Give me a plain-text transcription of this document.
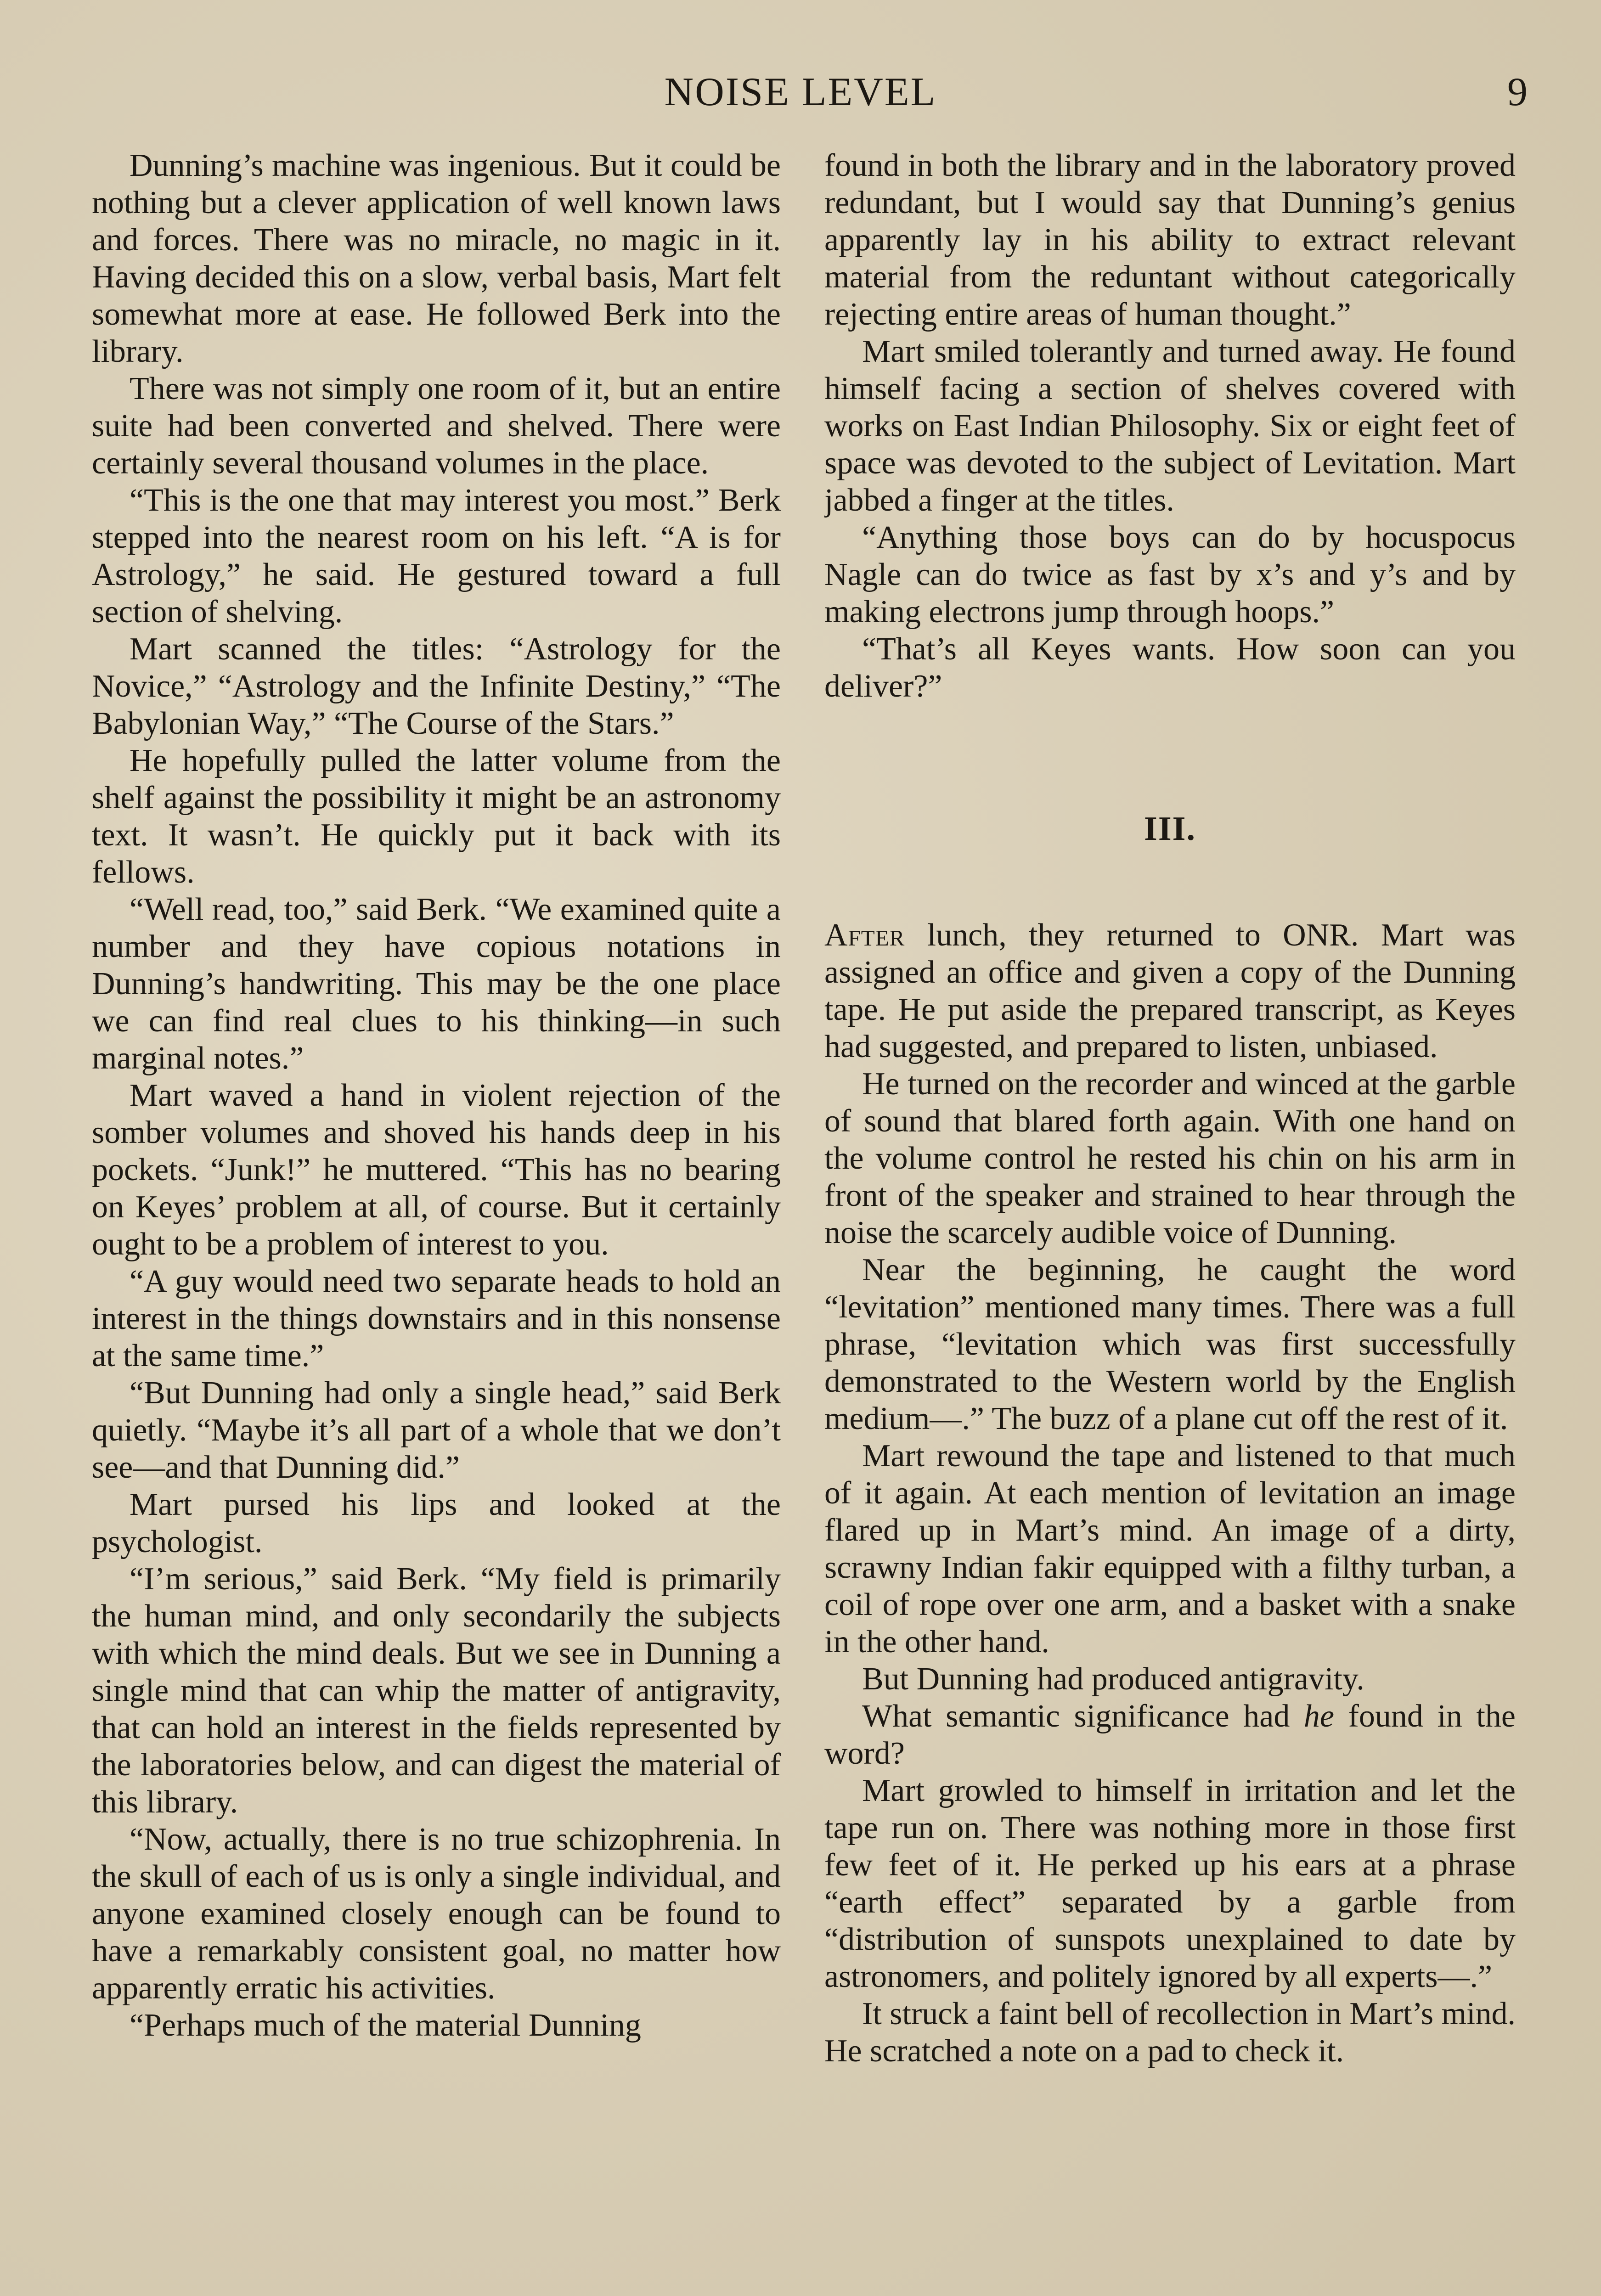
NOISE LEVEL	9

Dunning’s machine was ingenious. But it could be nothing but a clever application of well known laws and forces. There was no miracle, no magic in it. Having decided this on a slow, verbal basis, Mart felt somewhat more at ease. He followed Berk into the library.

There was not simply one room of it, but an entire suite had been converted and shelved. There were certainly several thousand volumes in the place.

“This is the one that may interest you most.” Berk stepped into the nearest room on his left. “A is for Astrology,” he said. He gestured toward a full section of shelving.

Mart scanned the titles: “Astrology for the Novice,” “Astrology and the Infinite Destiny,” “The Babylonian Way,” “The Course of the Stars.”

He hopefully pulled the latter volume from the shelf against the possibility it might be an astronomy text. It wasn’t. He quickly put it back with its fellows.

“Well read, too,” said Berk. “We examined quite a number and they have copious notations in Dunning’s handwriting. This may be the one place we can find real clues to his thinking—in such marginal notes.”

Mart waved a hand in violent rejection of the somber volumes and shoved his hands deep in his pockets. “Junk!” he muttered. “This has no bearing on Keyes’ problem at all, of course. But it certainly ought to be a problem of interest to you.

“A guy would need two separate heads to hold an interest in the things downstairs and in this nonsense at the same time.”

“But Dunning had only a single head,” said Berk quietly. “Maybe it’s all part of a whole that we don’t see—and that Dunning did.”

Mart pursed his lips and looked at the psychologist.

“I’m serious,” said Berk. “My field is primarily the human mind, and only secondarily the subjects with which the mind deals. But we see in Dunning a single mind that can whip the matter of antigravity, that can hold an interest in the fields represented by the laboratories below, and can digest the material of this library.

“Now, actually, there is no true schizophrenia. In the skull of each of us is only a single individual, and anyone examined closely enough can be found to have a remarkably consistent goal, no matter how apparently erratic his activities.

“Perhaps much of the material Dunning

found in both the library and in the laboratory proved redundant, but I would say that Dunning’s genius apparently lay in his ability to extract relevant material from the reduntant without categorically rejecting entire areas of human thought.”

Mart smiled tolerantly and turned away. He found himself facing a section of shelves covered with works on East Indian Philosophy. Six or eight feet of space was devoted to the subject of Levitation. Mart jabbed a finger at the titles.

“Anything those boys can do by hocuspocus Nagle can do twice as fast by x’s and y’s and by making electrons jump through hoops.”

“That’s all Keyes wants. How soon can you deliver?”

III.

After lunch, they returned to ONR. Mart was assigned an office and given a copy of the Dunning tape. He put aside the prepared transcript, as Keyes had suggested, and prepared to listen, unbiased.

He turned on the recorder and winced at the garble of sound that blared forth again. With one hand on the volume control he rested his chin on his arm in front of the speaker and strained to hear through the noise the scarcely audible voice of Dunning.

Near the beginning, he caught the word “levitation” mentioned many times. There was a full phrase, “levitation which was first successfully demonstrated to the Western world by the English medium—.” The buzz of a plane cut off the rest of it.

Mart rewound the tape and listened to that much of it again. At each mention of levitation an image flared up in Mart’s mind. An image of a dirty, scrawny Indian fakir equipped with a filthy turban, a coil of rope over one arm, and a basket with a snake in the other hand.

But Dunning had produced antigravity.

What semantic significance had he found in the word?

Mart growled to himself in irritation and let the tape run on. There was nothing more in those first few feet of it. He perked up his ears at a phrase “earth effect” separated by a garble from “distribution of sunspots unexplained to date by astronomers, and politely ignored by all experts—.”

It struck a faint bell of recollection in Mart’s mind. He scratched a note on a pad to check it.
